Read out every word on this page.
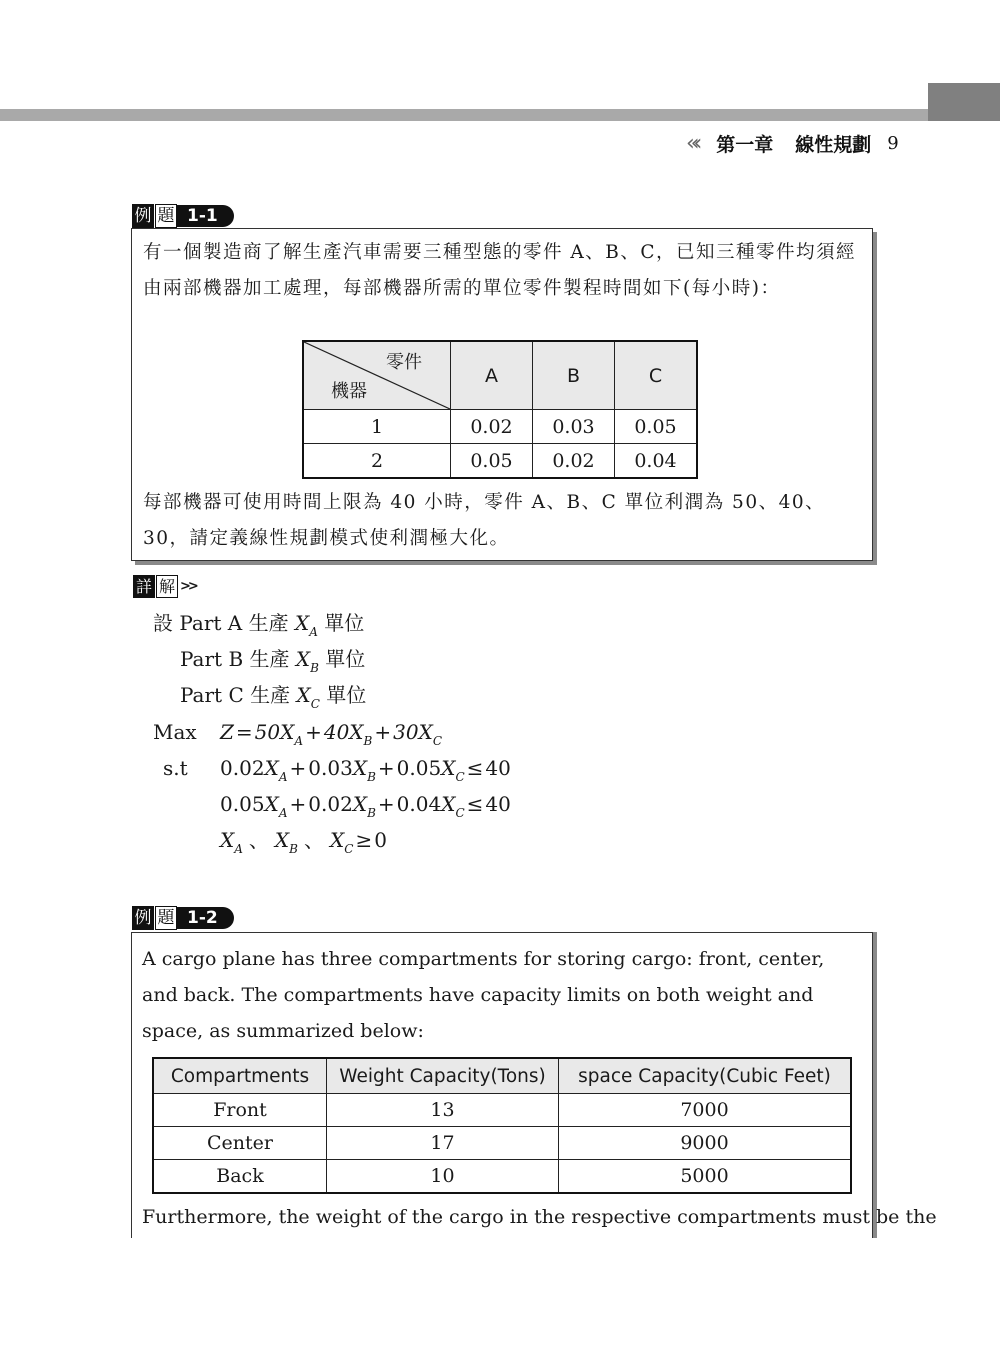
«‹ 第一章 線性規劃 9
例 題 1-1
有一個製造商了解生產汽車需要三種型態的零件 A、B、C，已知三種零件均須經由兩部機器加工處理，每部機器所需的單位零件製程時間如下(每小時)：
零件
機器	A	B	C
1	0.02	0.03	0.05
2	0.05	0.02	0.04
每部機器可使用時間上限為 40 小時，零件 A、B、C 單位利潤為 50、40、30，請定義線性規劃模式使利潤極大化。
詳 解 >>
設 Part A 生產 $X_A$ 單位
Part B 生產 $X_B$ 單位
Part C 生產 $X_C$ 單位
Max $Z = 50X_A + 40X_B + 30X_C$
s.t $0.02X_A + 0.03X_B + 0.05X_C \le 40$
$0.05X_A + 0.02X_B + 0.04X_C \le 40$
$X_A$ 、 $X_B$ 、 $X_C \ge 0$
例 題 1-2
A cargo plane has three compartments for storing cargo: front, center, and back. The compartments have capacity limits on both weight and space, as summarized below:
Compartments	Weight Capacity(Tons)	space Capacity(Cubic Feet)
Front	13	7000
Center	17	9000
Back	10	5000
Furthermore, the weight of the cargo in the respective compartments must be the
